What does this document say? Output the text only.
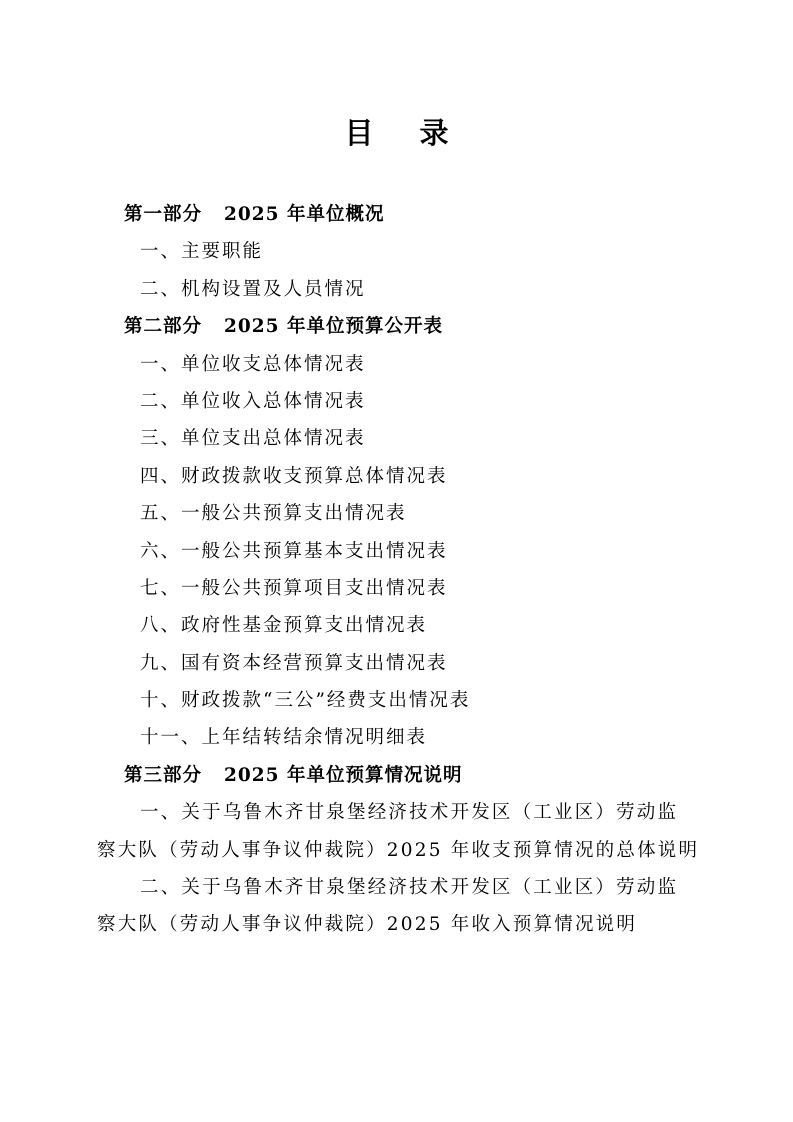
目 录
第一部分 2025 年单位概况
一、主要职能
二、机构设置及人员情况
第二部分 2025 年单位预算公开表
一、单位收支总体情况表
二、单位收入总体情况表
三、单位支出总体情况表
四、财政拨款收支预算总体情况表
五、一般公共预算支出情况表
六、一般公共预算基本支出情况表
七、一般公共预算项目支出情况表
八、政府性基金预算支出情况表
九、国有资本经营预算支出情况表
十、财政拨款“三公”经费支出情况表
十一、上年结转结余情况明细表
第三部分 2025 年单位预算情况说明
一、关于乌鲁木齐甘泉堡经济技术开发区（工业区）劳动监
察大队（劳动人事争议仲裁院）2025 年收支预算情况的总体说明
二、关于乌鲁木齐甘泉堡经济技术开发区（工业区）劳动监
察大队（劳动人事争议仲裁院）2025 年收入预算情况说明
